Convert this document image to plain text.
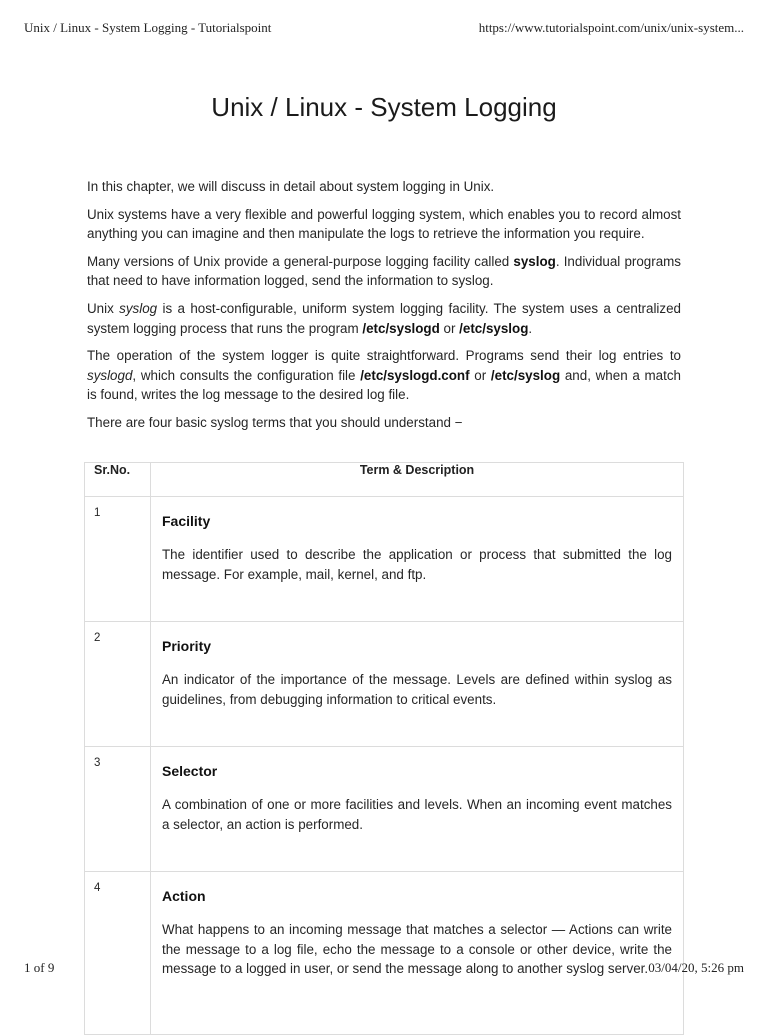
Unix / Linux - System Logging - Tutorialspoint	https://www.tutorialspoint.com/unix/unix-system...
Unix / Linux - System Logging

In this chapter, we will discuss in detail about system logging in Unix.

Unix systems have a very flexible and powerful logging system, which enables you to record almost anything you can imagine and then manipulate the logs to retrieve the information you require.

Many versions of Unix provide a general-purpose logging facility called syslog. Individual programs that need to have information logged, send the information to syslog.

Unix syslog is a host-configurable, uniform system logging facility. The system uses a centralized system logging process that runs the program /etc/syslogd or /etc/syslog.

The operation of the system logger is quite straightforward. Programs send their log entries to syslogd, which consults the configuration file /etc/syslogd.conf or /etc/syslog and, when a match is found, writes the log message to the desired log file.

There are four basic syslog terms that you should understand −

Sr.No.	Term & Description
1	Facility

The identifier used to describe the application or process that submitted the log message. For example, mail, kernel, and ftp.

2	Priority

An indicator of the importance of the message. Levels are defined within syslog as guidelines, from debugging information to critical events.

3	Selector

A combination of one or more facilities and levels. When an incoming event matches a selector, an action is performed.

4	Action

What happens to an incoming message that matches a selector — Actions can write the message to a log file, echo the message to a console or other device, write the message to a logged in user, or send the message along to another syslog server.

1 of 9	03/04/20, 5:26 pm
